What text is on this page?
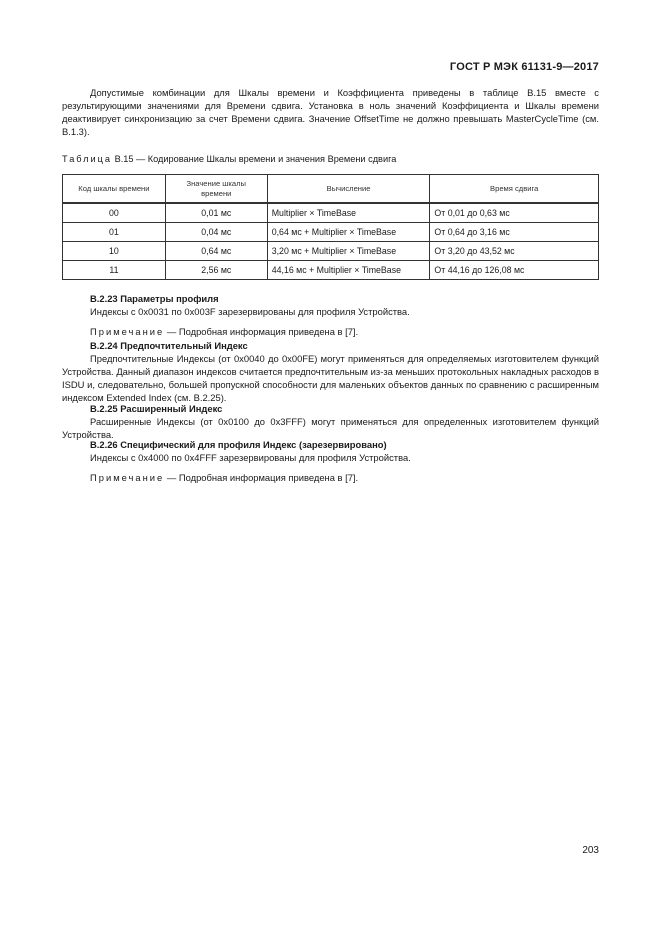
ГОСТ Р МЭК 61131-9—2017

Допустимые комбинации для Шкалы времени и Коэффициента приведены в таблице В.15 вместе с результирующими значениями для Времени сдвига. Установка в ноль значений Коэффициента и Шкалы времени деактивирует синхронизацию за счет Времени сдвига. Значение OffsetTime не должно превышать MasterCycleTime (см. В.1.3).

Таблица В.15 — Кодирование Шкалы времени и значения Времени сдвига
Код шкалы времени	Значение шкалы времени	Вычисление	Время сдвига
00	0,01 мс	Multiplier × TimeBase	От 0,01 до 0,63 мс
01	0,04 мс	0,64 мс + Multiplier × TimeBase	От 0,64 до 3,16 мс
10	0,64 мс	3,20 мс + Multiplier × TimeBase	От 3,20 до 43,52 мс
11	2,56 мс	44,16 мс + Multiplier × TimeBase	От 44,16 до 126,08 мс
В.2.23 Параметры профиля
Индексы с 0x0031 по 0x003F зарезервированы для профиля Устройства.
Примечание — Подробная информация приведена в [7].
В.2.24 Предпочтительный Индекс
Предпочтительные Индексы (от 0x0040 до 0x00FE) могут применяться для определяемых изготовителем функций Устройства. Данный диапазон индексов считается предпочтительным из-за меньших протокольных накладных расходов в ISDU и, следовательно, большей пропускной способности для маленьких объектов данных по сравнению с расширенным индексом Extended Index (см. В.2.25).
В.2.25 Расширенный Индекс
Расширенные Индексы (от 0x0100 до 0x3FFF) могут применяться для определенных изготовителем функций Устройства.
В.2.26 Специфический для профиля Индекс (зарезервировано)
Индексы с 0x4000 по 0x4FFF зарезервированы для профиля Устройства.
Примечание — Подробная информация приведена в [7].
203
